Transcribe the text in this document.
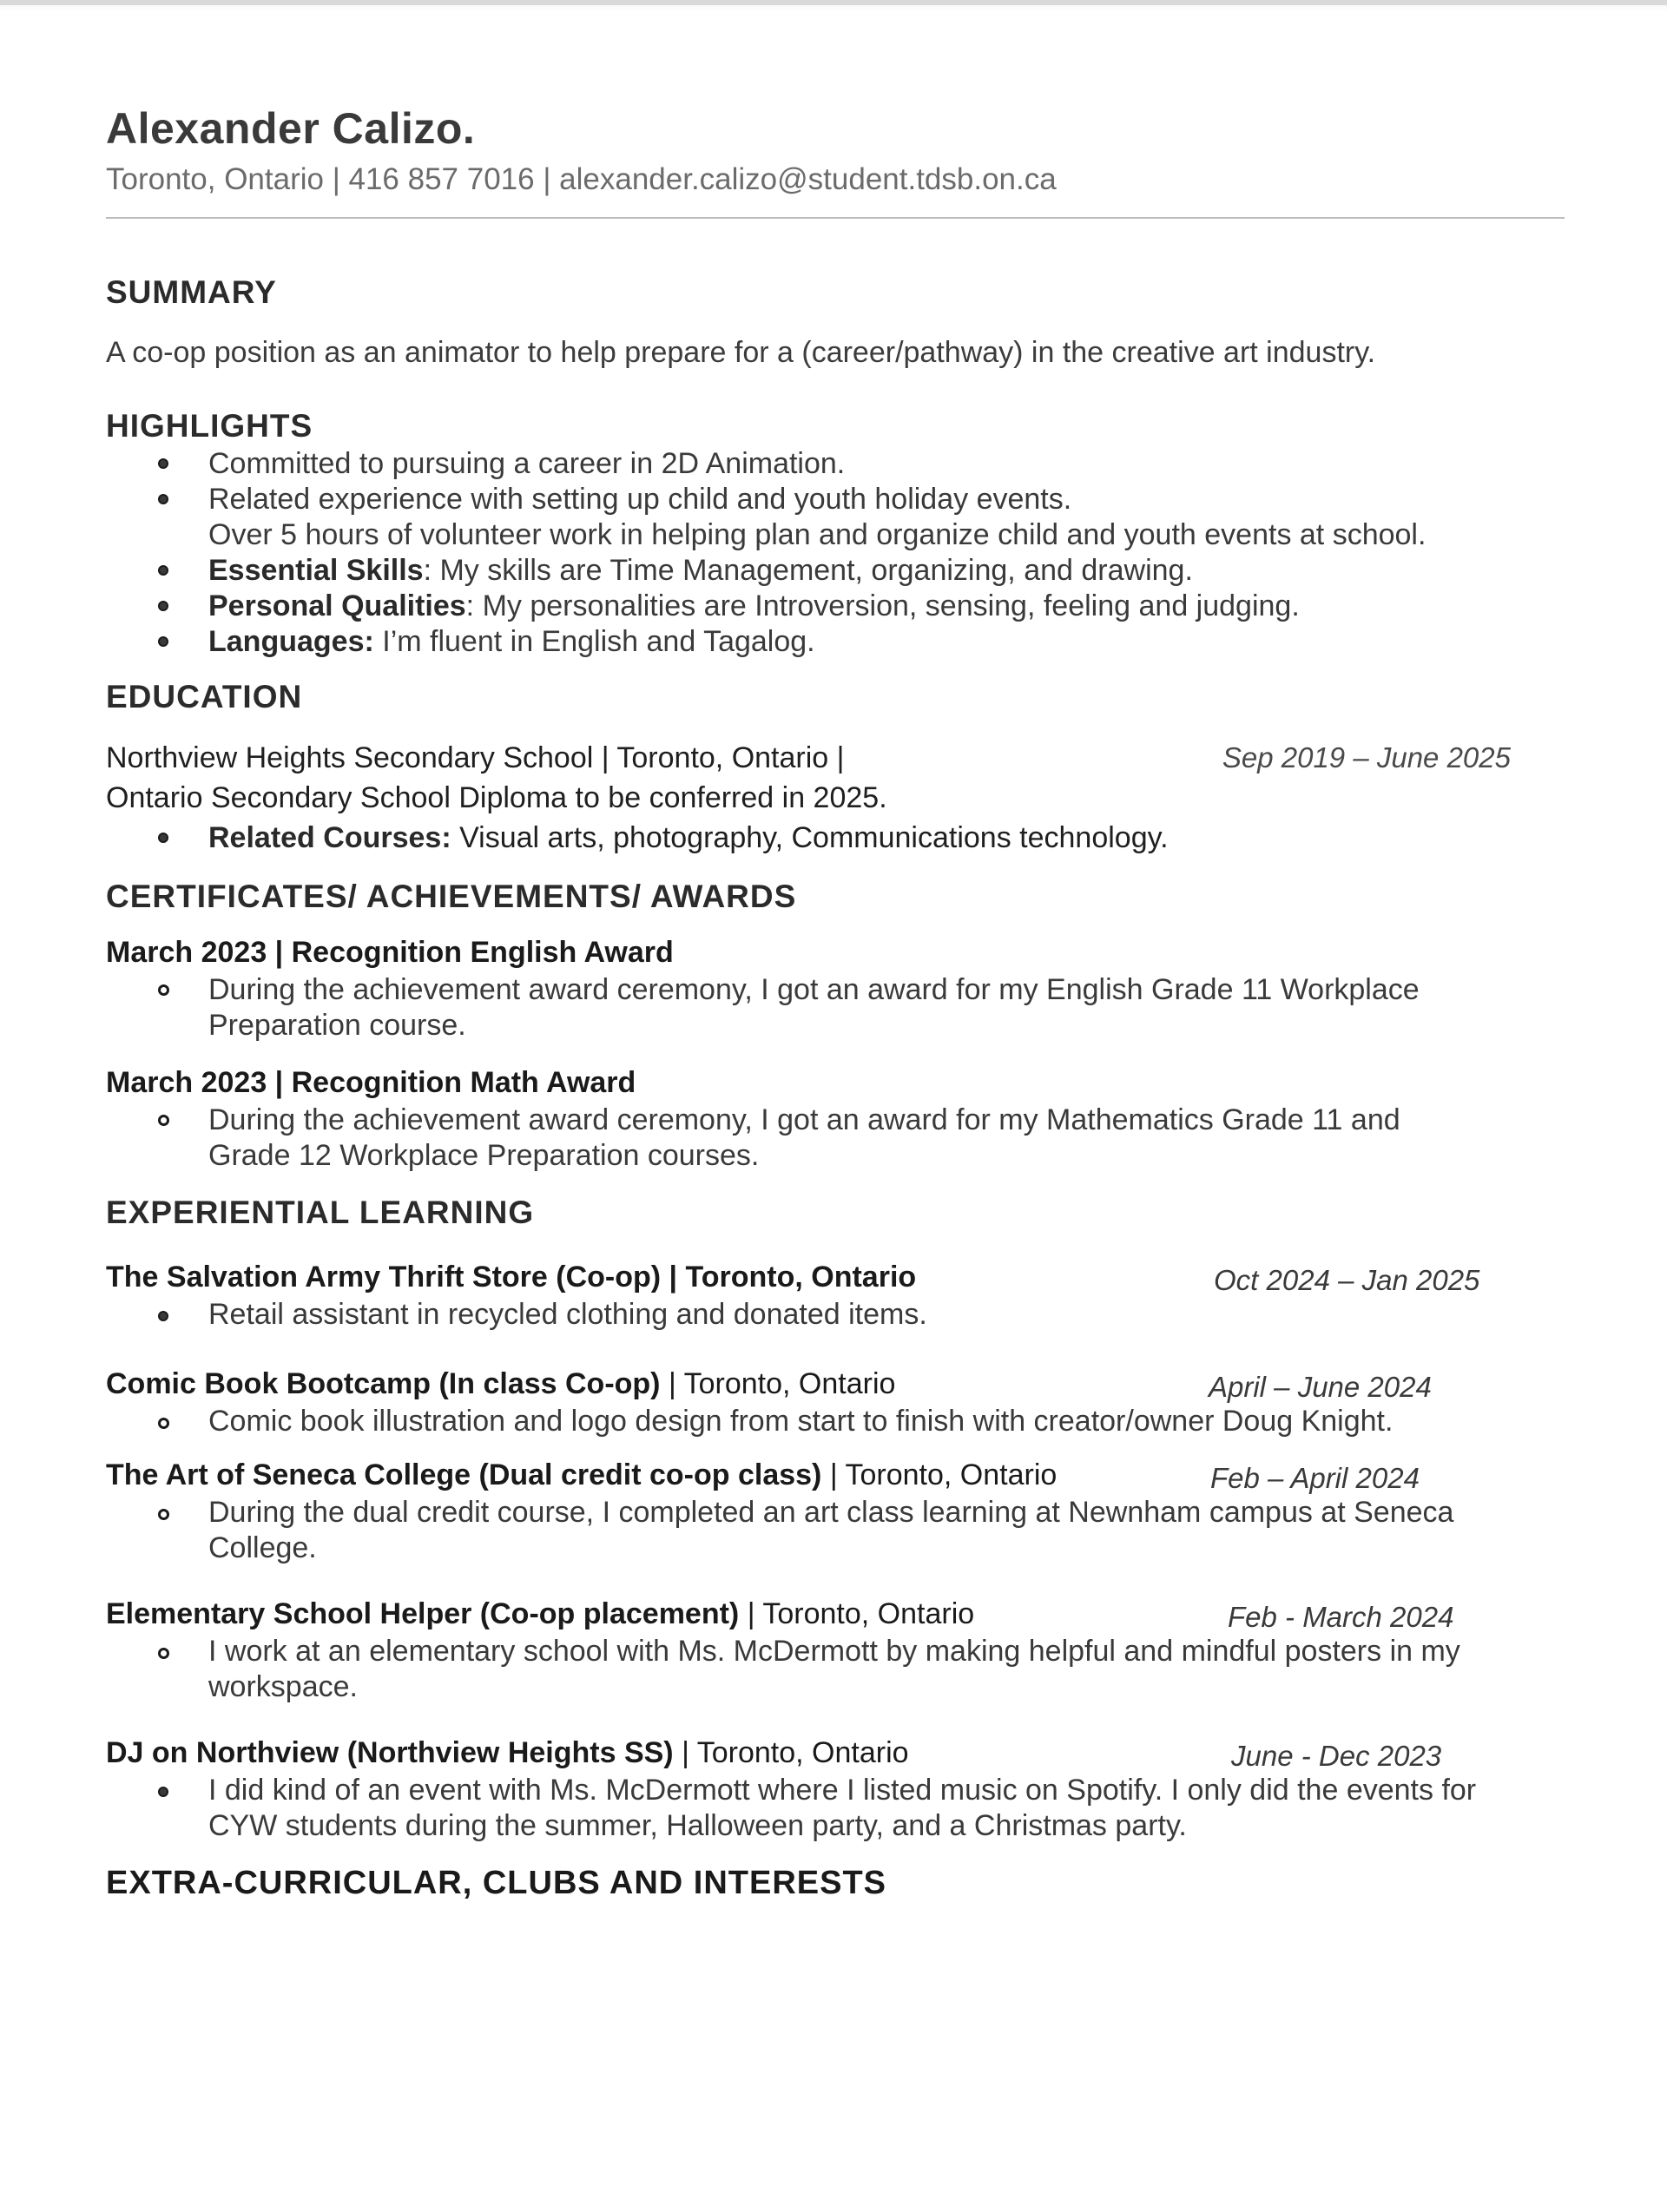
Alexander Calizo.
Toronto, Ontario | 416 857 7016 | alexander.calizo@student.tdsb.on.ca
SUMMARY

A co-op position as an animator to help prepare for a (career/pathway) in the creative art industry.

HIGHLIGHTS
Committed to pursuing a career in 2D Animation.
Related experience with setting up child and youth holiday events.
Over 5 hours of volunteer work in helping plan and organize child and youth events at school.
Essential Skills: My skills are Time Management, organizing, and drawing.
Personal Qualities: My personalities are Introversion, sensing, feeling and judging.
Languages: I’m fluent in English and Tagalog.
EDUCATION
Northview Heights Secondary School | Toronto, Ontario |	Sep 2019 – June 2025
Ontario Secondary School Diploma to be conferred in 2025.
Related Courses: Visual arts, photography, Communications technology.
CERTIFICATES/ ACHIEVEMENTS/ AWARDS
March 2023 | Recognition English Award
During the achievement award ceremony, I got an award for my English Grade 11 Workplace
Preparation course.
March 2023 | Recognition Math Award
During the achievement award ceremony, I got an award for my Mathematics Grade 11 and
Grade 12 Workplace Preparation courses.
EXPERIENTIAL LEARNING
The Salvation Army Thrift Store (Co-op) | Toronto, Ontario	Oct 2024 – Jan 2025
Retail assistant in recycled clothing and donated items.
Comic Book Bootcamp (In class Co-op) | Toronto, Ontario	April – June 2024
Comic book illustration and logo design from start to finish with creator/owner Doug Knight.
The Art of Seneca College (Dual credit co-op class) | Toronto, Ontario	Feb – April 2024
During the dual credit course, I completed an art class learning at Newnham campus at Seneca
College.
Elementary School Helper (Co-op placement) | Toronto, Ontario	Feb - March 2024
I work at an elementary school with Ms. McDermott by making helpful and mindful posters in my
workspace.
DJ on Northview (Northview Heights SS) | Toronto, Ontario	June - Dec 2023
I did kind of an event with Ms. McDermott where I listed music on Spotify. I only did the events for
CYW students during the summer, Halloween party, and a Christmas party.
EXTRA-CURRICULAR, CLUBS AND INTERESTS
